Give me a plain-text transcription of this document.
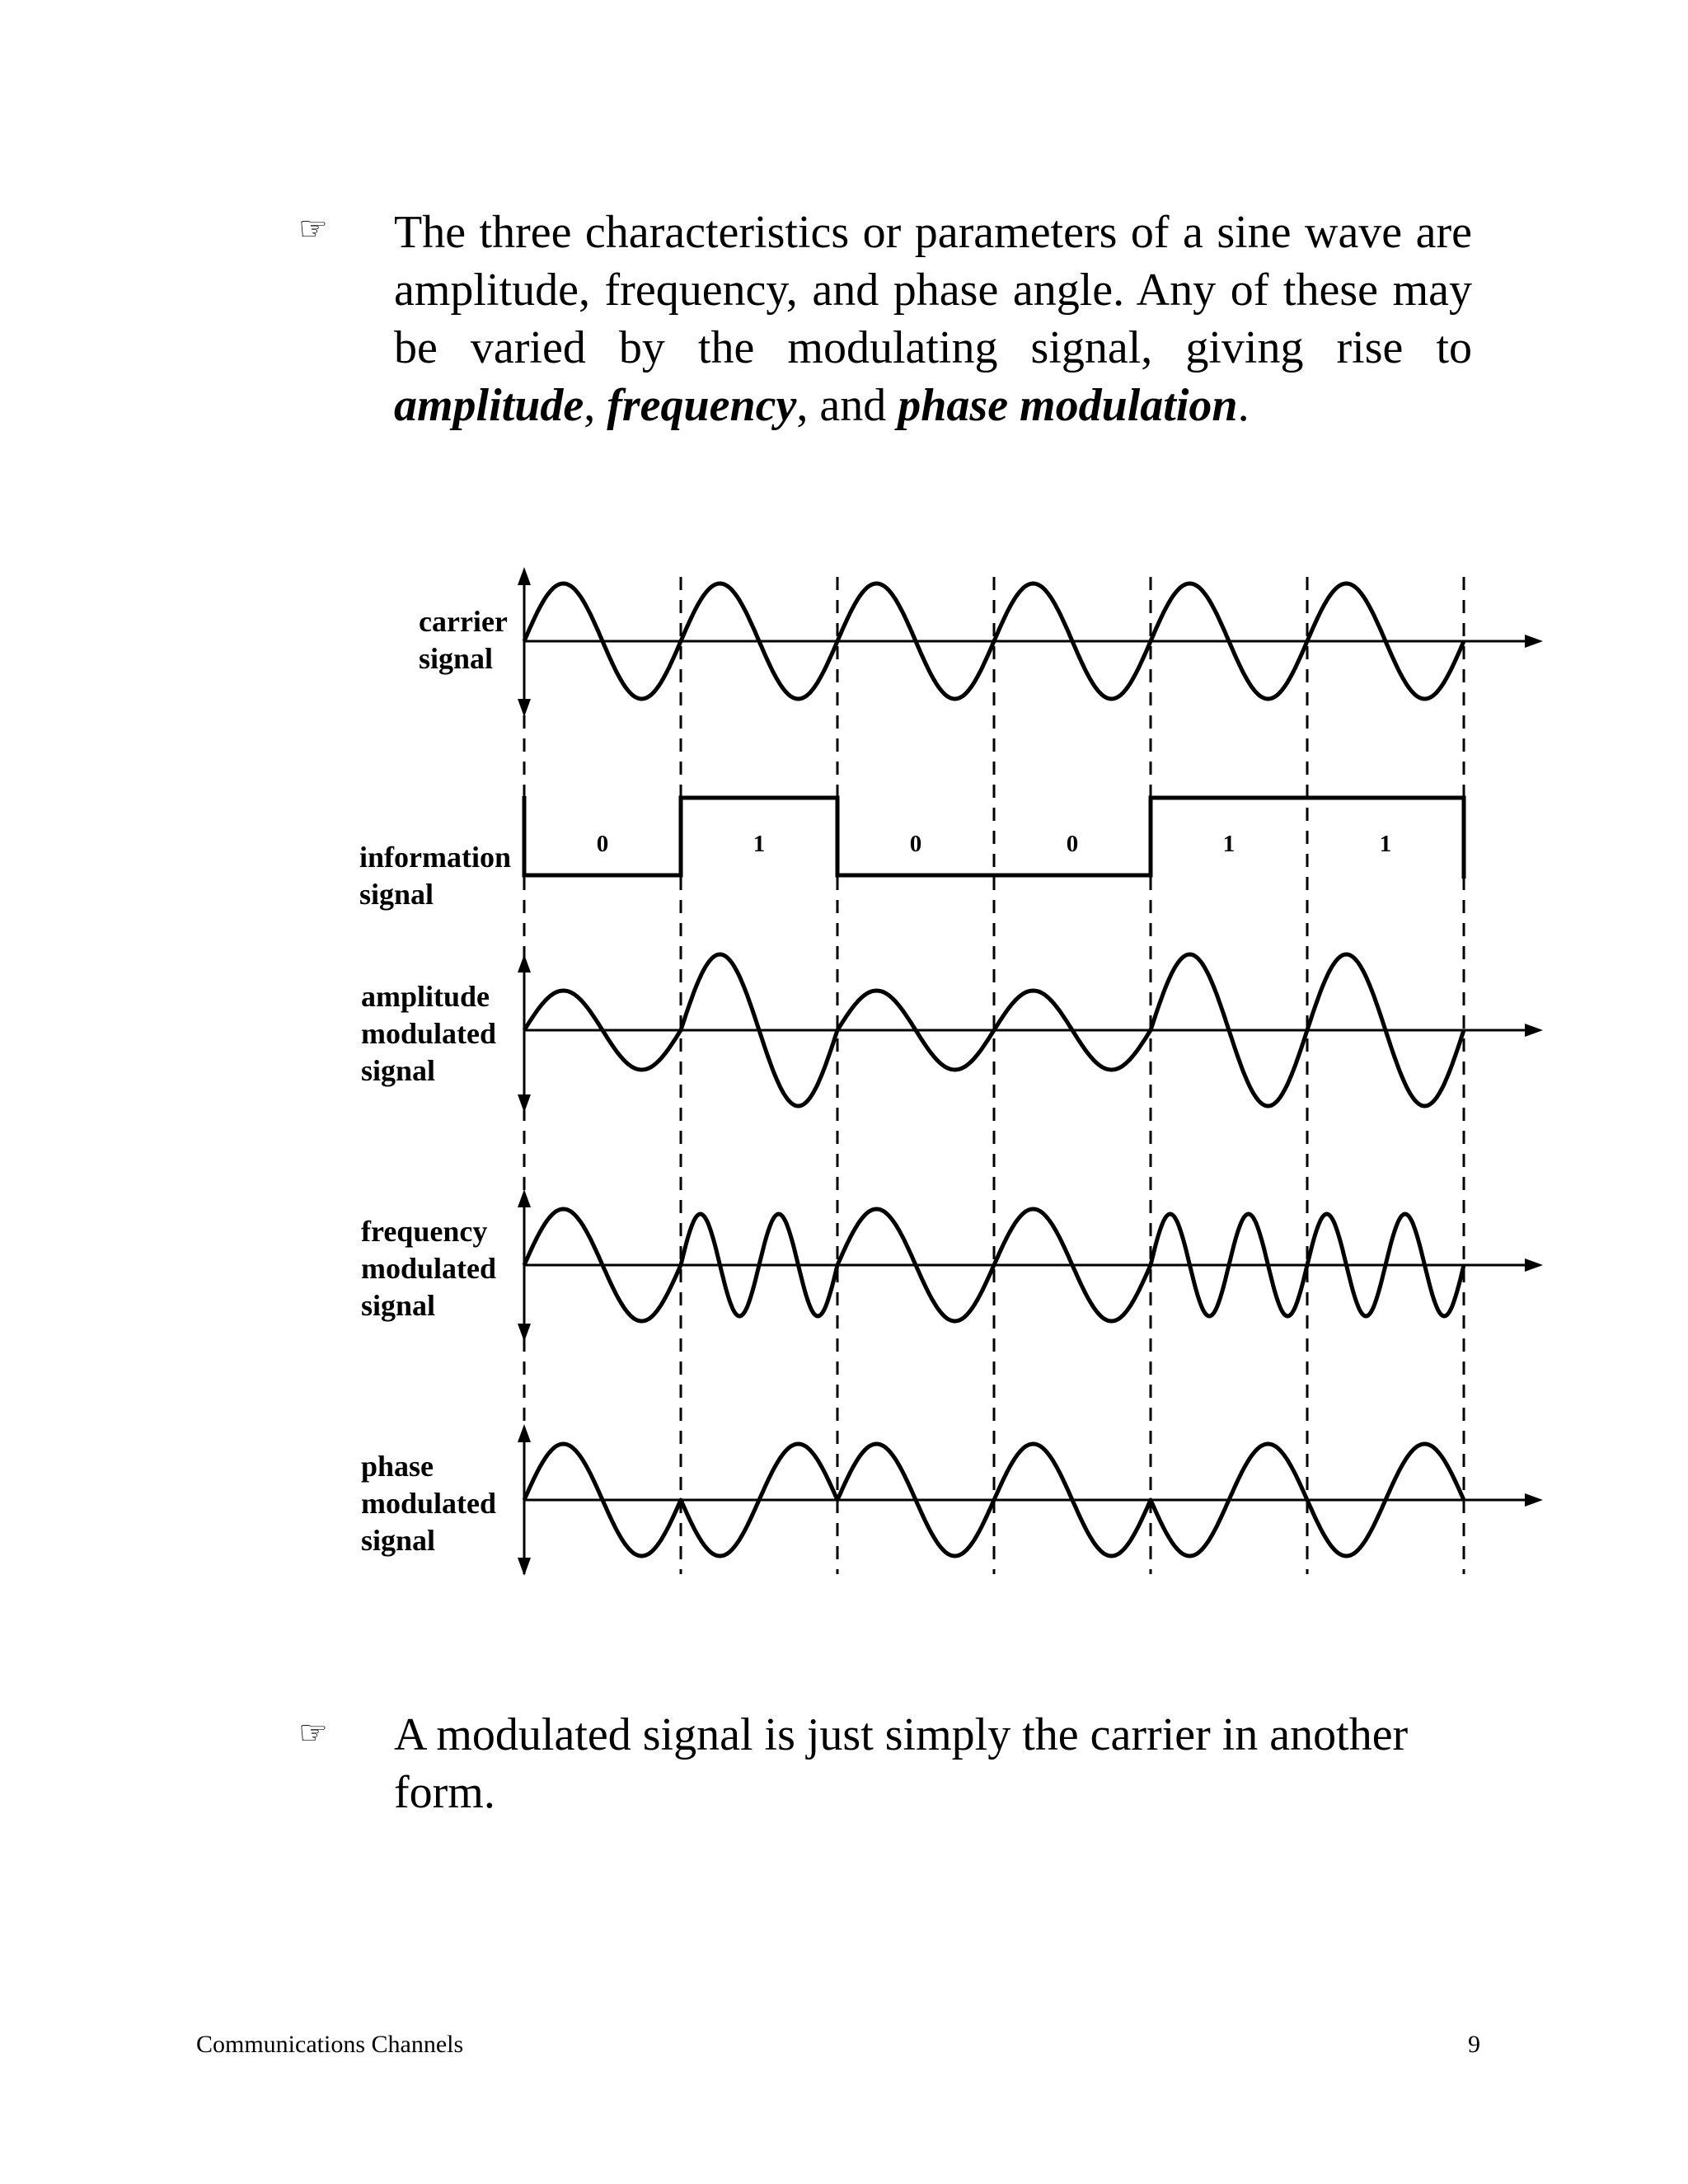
☞ The three characteristics or parameters of a sine wave are amplitude, frequency, and phase angle. Any of these may be varied by the modulating signal, giving rise to amplitude, frequency, and phase modulation.

0	1	0	0	1	1
carrier
signal
information
signal
amplitude
modulated
signal
frequency
modulated
signal
phase
modulated
signal
☞ A modulated signal is just simply the carrier in another form.

Communications Channels	9
